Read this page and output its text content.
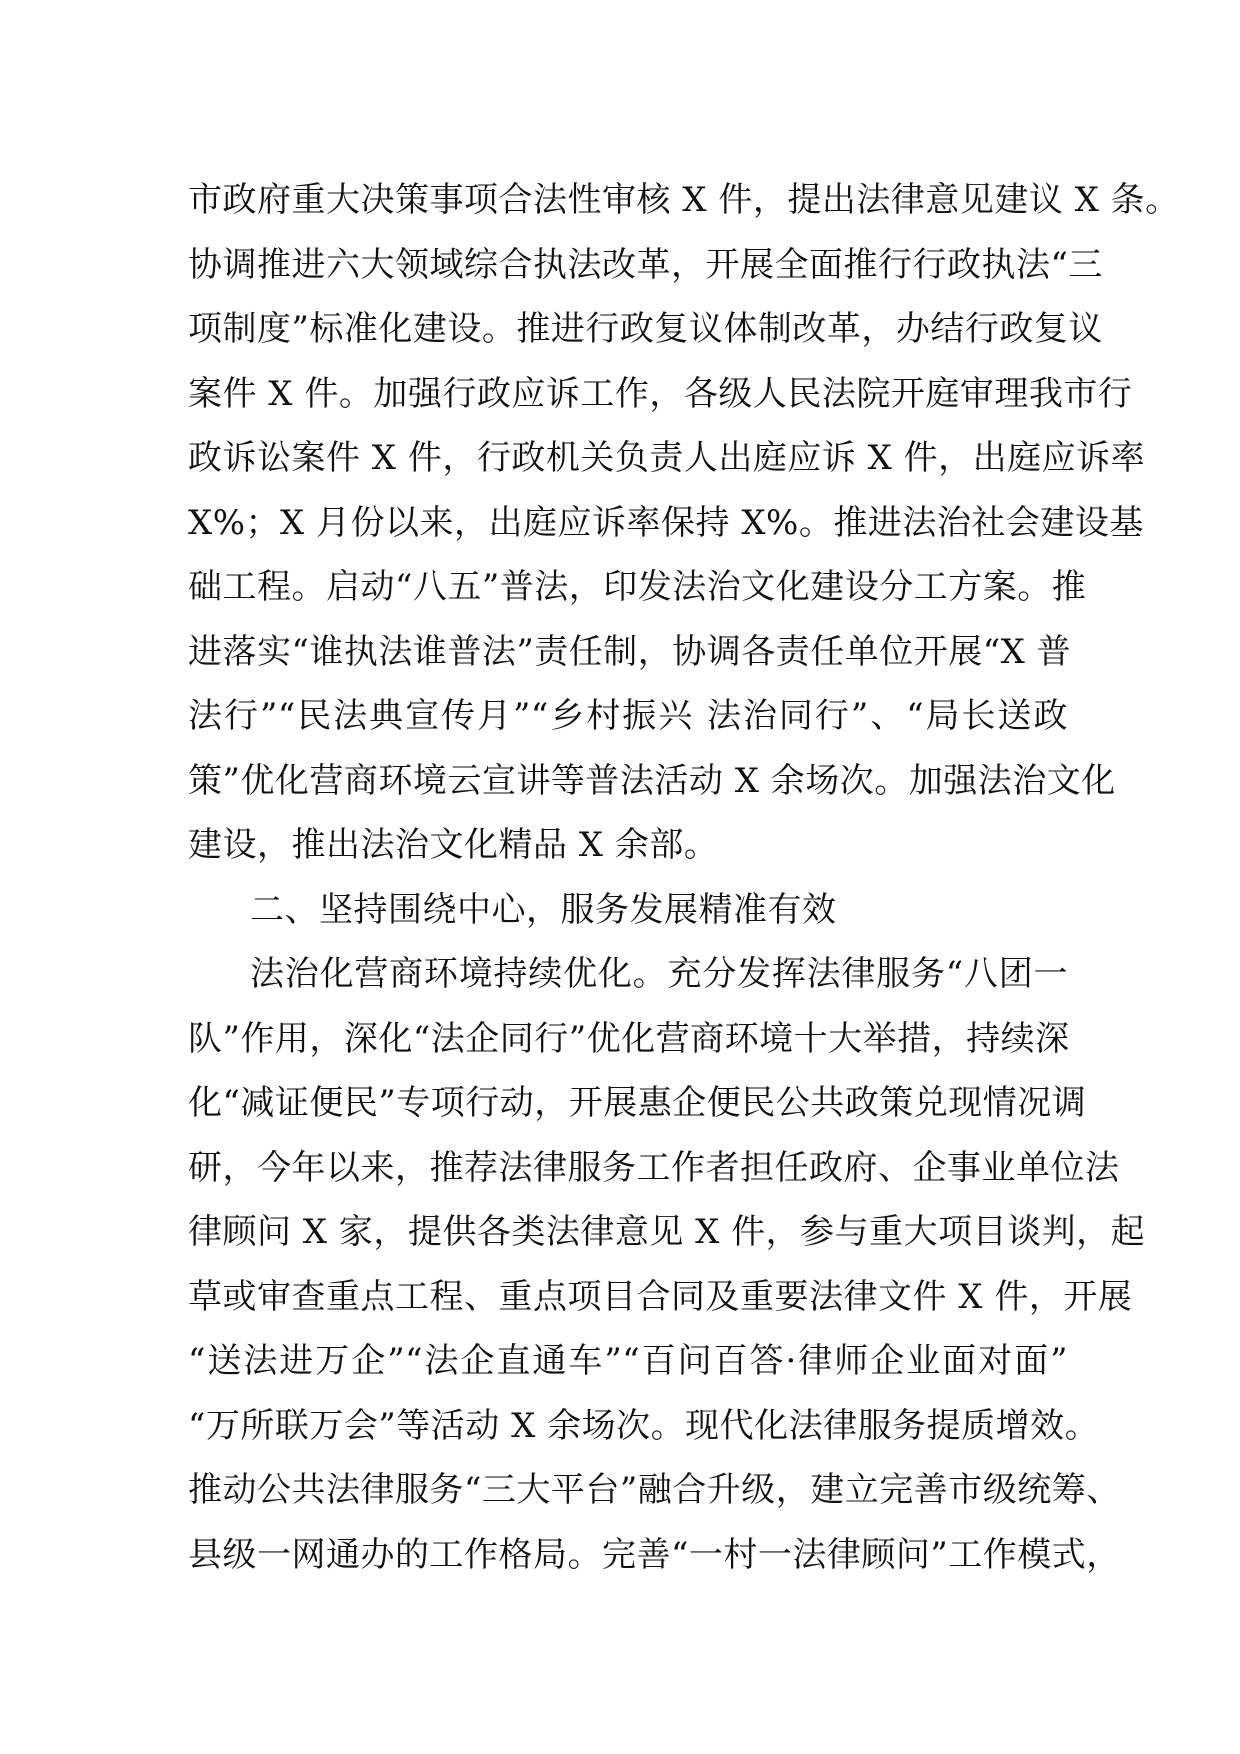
市政府重大决策事项合法性审核 X 件，提出法律意见建议 X 条。
协调推进六大领域综合执法改革，开展全面推行行政执法“三
项制度”标准化建设。推进行政复议体制改革，办结行政复议
案件 X 件。加强行政应诉工作，各级人民法院开庭审理我市行
政诉讼案件 X 件，行政机关负责人出庭应诉 X 件，出庭应诉率
X%；X 月份以来，出庭应诉率保持 X%。推进法治社会建设基
础工程。启动“八五”普法，印发法治文化建设分工方案。推
进落实“谁执法谁普法”责任制，协调各责任单位开展“X 普
法行”“民法典宣传月”“乡村振兴 法治同行”、“局长送政
策”优化营商环境云宣讲等普法活动 X 余场次。加强法治文化
建设，推出法治文化精品 X 余部。
二、坚持围绕中心，服务发展精准有效
法治化营商环境持续优化。充分发挥法律服务“八团一
队”作用，深化“法企同行”优化营商环境十大举措，持续深
化“减证便民”专项行动，开展惠企便民公共政策兑现情况调
研，今年以来，推荐法律服务工作者担任政府、企事业单位法
律顾问 X 家，提供各类法律意见 X 件，参与重大项目谈判，起
草或审查重点工程、重点项目合同及重要法律文件 X 件，开展
“送法进万企”“法企直通车”“百问百答·律师企业面对面”
“万所联万会”等活动 X 余场次。现代化法律服务提质增效。
推动公共法律服务“三大平台”融合升级，建立完善市级统筹、
县级一网通办的工作格局。完善“一村一法律顾问”工作模式，
